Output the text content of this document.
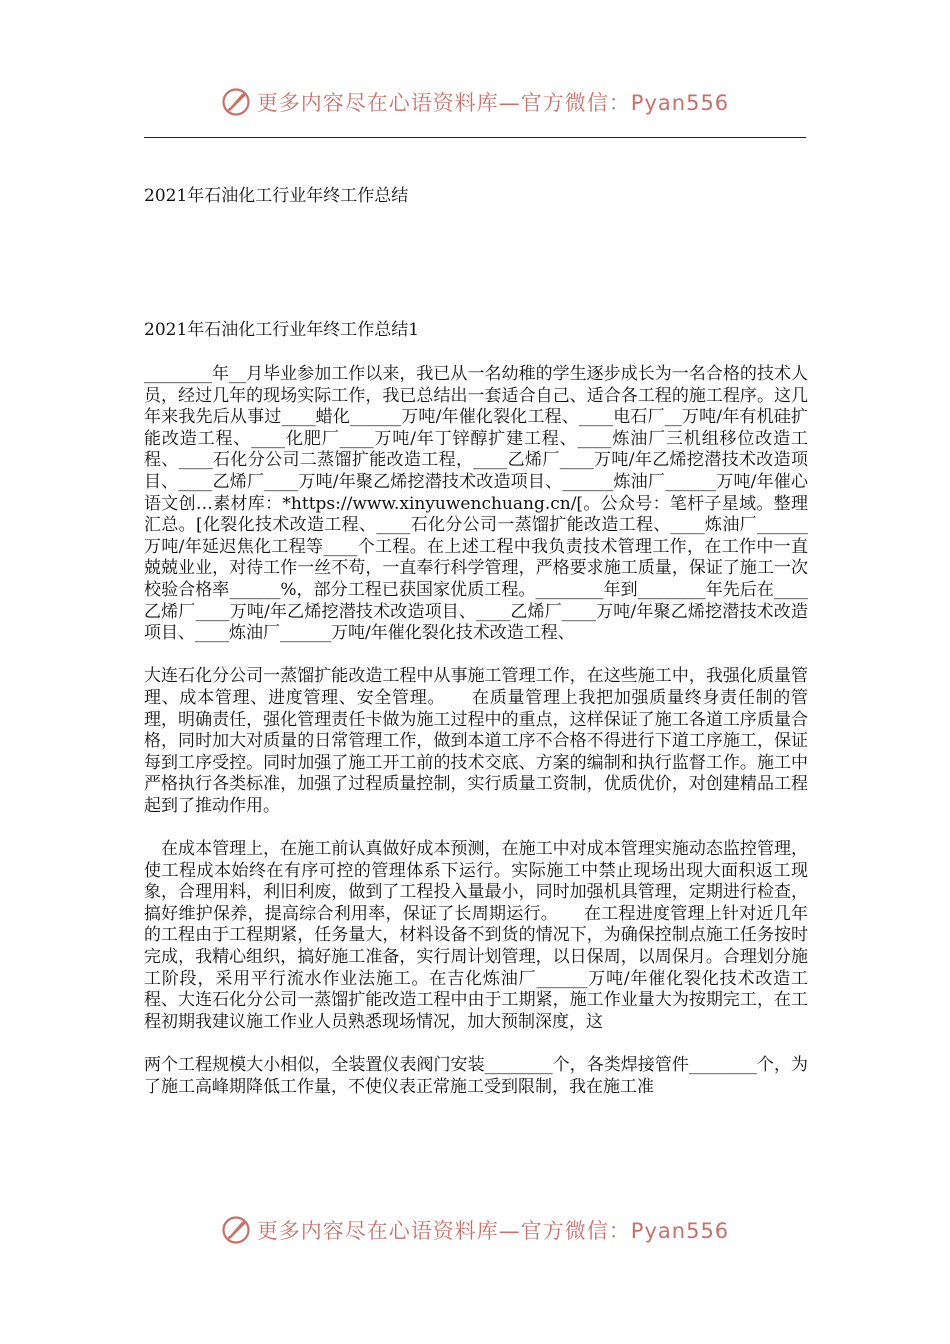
更多内容尽在心语资料库—官方微信：Pyan556
2021年石油化工行业年终工作总结
2021年石油化工行业年终工作总结1

________年__月毕业参加工作以来，我已从一名幼稚的学生逐步成长为一名合格的技术人员，经过几年的现场实际工作，我已总结出一套适合自己、适合各工程的施工程序。这几年来我先后从事过____蜡化______万吨/年催化裂化工程、____电石厂__万吨/年有机硅扩能改造工程、____化肥厂____万吨/年丁锌醇扩建工程、____炼油厂三机组移位改造工程、____石化分公司二蒸馏扩能改造工程，____乙烯厂____万吨/年乙烯挖潜技术改造项目、____乙烯厂____万吨/年聚乙烯挖潜技术改造项目、______炼油厂______万吨/年催心语文创…素材库：*https://www.xinyuwenchuang.cn/[。公众号：笔杆子星域。整理汇总。[化裂化技术改造工程、____石化分公司一蒸馏扩能改造工程、____炼油厂______万吨/年延迟焦化工程等____个工程。在上述工程中我负责技术管理工作，在工作中一直兢兢业业，对待工作一丝不苟，一直奉行科学管理，严格要求施工质量，保证了施工一次校验合格率______%，部分工程已获国家优质工程。________年到________年先后在____乙烯厂____万吨/年乙烯挖潜技术改造项目、____乙烯厂____万吨/年聚乙烯挖潜技术改造项目、____炼油厂______万吨/年催化裂化技术改造工程、

大连石化分公司一蒸馏扩能改造工程中从事施工管理工作，在这些施工中，我强化质量管理、成本管理、进度管理、安全管理。　　在质量管理上我把加强质量终身责任制的管理，明确责任，强化管理责任卡做为施工过程中的重点，这样保证了施工各道工序质量合格，同时加大对质量的日常管理工作，做到本道工序不合格不得进行下道工序施工，保证每到工序受控。同时加强了施工开工前的技术交底、方案的编制和执行监督工作。施工中严格执行各类标准，加强了过程质量控制，实行质量工资制，优质优价，对创建精品工程起到了推动作用。

　在成本管理上，在施工前认真做好成本预测，在施工中对成本管理实施动态监控管理，使工程成本始终在有序可控的管理体系下运行。实际施工中禁止现场出现大面积返工现象，合理用料，利旧利废，做到了工程投入量最小，同时加强机具管理，定期进行检查，搞好维护保养，提高综合利用率，保证了长周期运行。　　在工程进度管理上针对近几年的工程由于工程期紧，任务量大，材料设备不到货的情况下，为确保控制点施工任务按时完成，我精心组织，搞好施工准备，实行周计划管理，以日保周，以周保月。合理划分施工阶段，采用平行流水作业法施工。在吉化炼油厂______万吨/年催化裂化技术改造工程、大连石化分公司一蒸馏扩能改造工程中由于工期紧，施工作业量大为按期完工，在工程初期我建议施工作业人员熟悉现场情况，加大预制深度，这

两个工程规模大小相似，全装置仪表阀门安装________个，各类焊接管件________个，为了施工高峰期降低工作量，不使仪表正常施工受到限制，我在施工准

更多内容尽在心语资料库—官方微信：Pyan556
